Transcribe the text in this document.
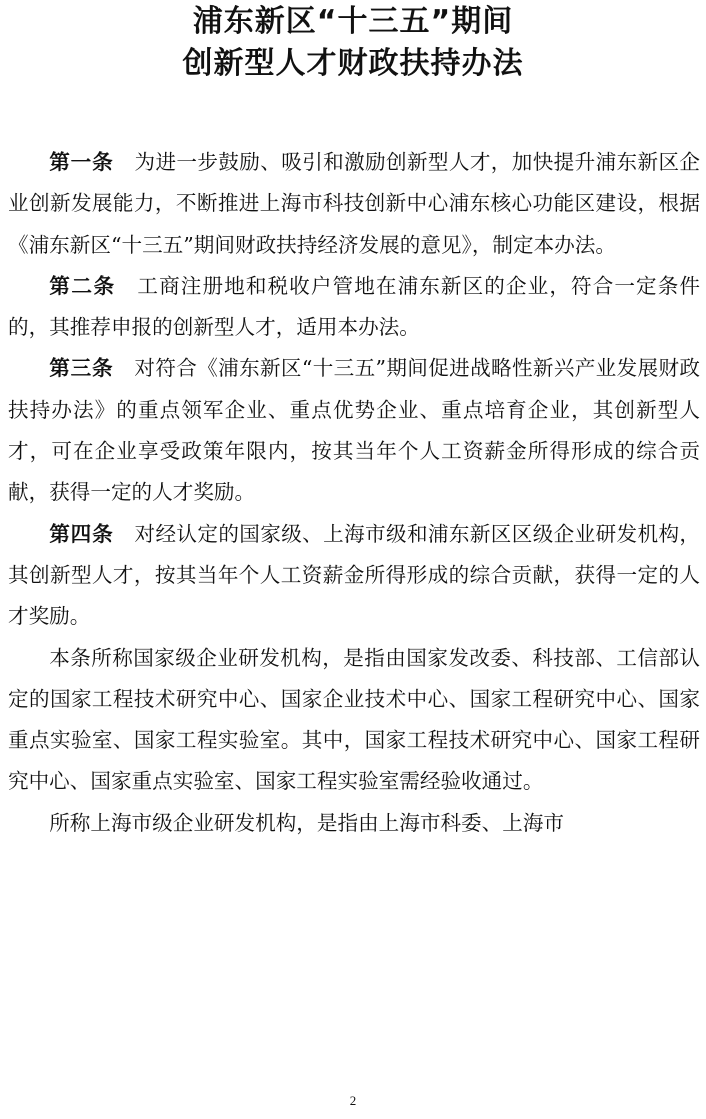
浦东新区“十三五”期间
创新型人才财政扶持办法

第一条  为进一步鼓励、吸引和激励创新型人才，加快提升浦东新区企业创新发展能力，不断推进上海市科技创新中心浦东核心功能区建设，根据《浦东新区“十三五”期间财政扶持经济发展的意见》，制定本办法。

第二条  工商注册地和税收户管地在浦东新区的企业，符合一定条件的，其推荐申报的创新型人才，适用本办法。

第三条  对符合《浦东新区“十三五”期间促进战略性新兴产业发展财政扶持办法》的重点领军企业、重点优势企业、重点培育企业，其创新型人才，可在企业享受政策年限内，按其当年个人工资薪金所得形成的综合贡献，获得一定的人才奖励。

第四条  对经认定的国家级、上海市级和浦东新区区级企业研发机构，其创新型人才，按其当年个人工资薪金所得形成的综合贡献，获得一定的人才奖励。

本条所称国家级企业研发机构，是指由国家发改委、科技部、工信部认定的国家工程技术研究中心、国家企业技术中心、国家工程研究中心、国家重点实验室、国家工程实验室。其中，国家工程技术研究中心、国家工程研究中心、国家重点实验室、国家工程实验室需经验收通过。

所称上海市级企业研发机构，是指由上海市科委、上海市

2
